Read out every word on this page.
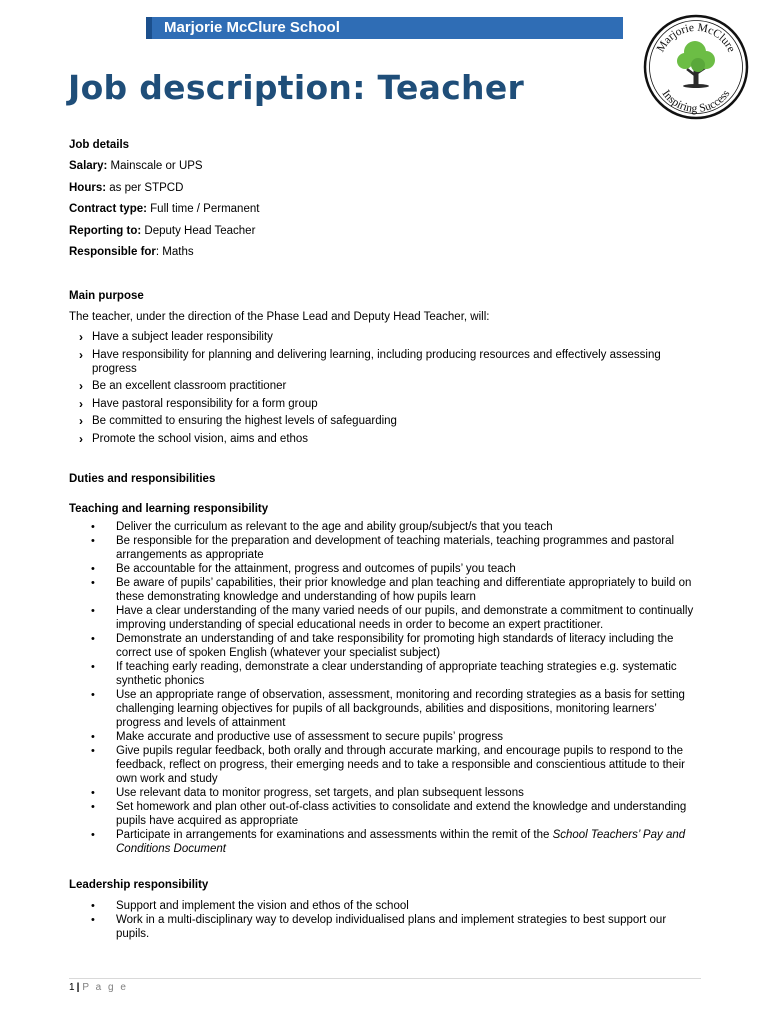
Marjorie McClure School
Marjorie McClure
Inspiring Success
Job description: Teacher

Job details

Salary: Mainscale or UPS

Hours: as per STPCD

Contract type: Full time / Permanent

Reporting to: Deputy Head Teacher

Responsible for: Maths

Main purpose

The teacher, under the direction of the Phase Lead and Deputy Head Teacher, will:

› Have a subject leader responsibility
› Have responsibility for planning and delivering learning, including producing resources and effectively assessing progress
› Be an excellent classroom practitioner
› Have pastoral responsibility for a form group
› Be committed to ensuring the highest levels of safeguarding
› Promote the school vision, aims and ethos

Duties and responsibilities

Teaching and learning responsibility

• Deliver the curriculum as relevant to the age and ability group/subject/s that you teach
• Be responsible for the preparation and development of teaching materials, teaching programmes and pastoral arrangements as appropriate
• Be accountable for the attainment, progress and outcomes of pupils’ you teach
• Be aware of pupils’ capabilities, their prior knowledge and plan teaching and differentiate appropriately to build on these demonstrating knowledge and understanding of how pupils learn
• Have a clear understanding of the many varied needs of our pupils, and demonstrate a commitment to continually improving understanding of special educational needs in order to become an expert practitioner.
• Demonstrate an understanding of and take responsibility for promoting high standards of literacy including the correct use of spoken English (whatever your specialist subject)
• If teaching early reading, demonstrate a clear understanding of appropriate teaching strategies e.g. systematic synthetic phonics
• Use an appropriate range of observation, assessment, monitoring and recording strategies as a basis for setting challenging learning objectives for pupils of all backgrounds, abilities and dispositions, monitoring learners’ progress and levels of attainment
• Make accurate and productive use of assessment to secure pupils’ progress
• Give pupils regular feedback, both orally and through accurate marking, and encourage pupils to respond to the feedback, reflect on progress, their emerging needs and to take a responsible and conscientious attitude to their own work and study
• Use relevant data to monitor progress, set targets, and plan subsequent lessons
• Set homework and plan other out-of-class activities to consolidate and extend the knowledge and understanding pupils have acquired as appropriate
• Participate in arrangements for examinations and assessments within the remit of the School Teachers’ Pay and Conditions Document

Leadership responsibility

• Support and implement the vision and ethos of the school
• Work in a multi-disciplinary way to develop individualised plans and implement strategies to best support our pupils.
1 | P a g e
